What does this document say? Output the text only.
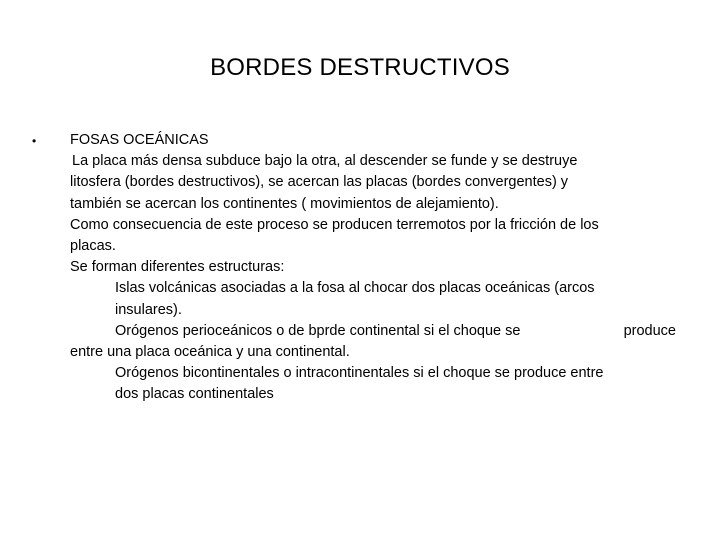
BORDES DESTRUCTIVOS
• FOSAS OCEÁNICAS
La placa más densa subduce bajo la otra, al descender se funde y se destruye
litosfera (bordes destructivos), se acercan las placas (bordes convergentes) y
también se acercan los continentes ( movimientos de alejamiento).
Como consecuencia de este proceso se producen terremotos por la fricción de los
placas.
Se forman diferentes estructuras:
Islas volcánicas asociadas a la fosa al chocar dos placas oceánicas (arcos
insulares).
Orógenos perioceánicos o de bprde continental si el choque se	produce
entre una placa oceánica y una continental.
Orógenos bicontinentales o intracontinentales si el choque se produce entre
dos placas continentales
